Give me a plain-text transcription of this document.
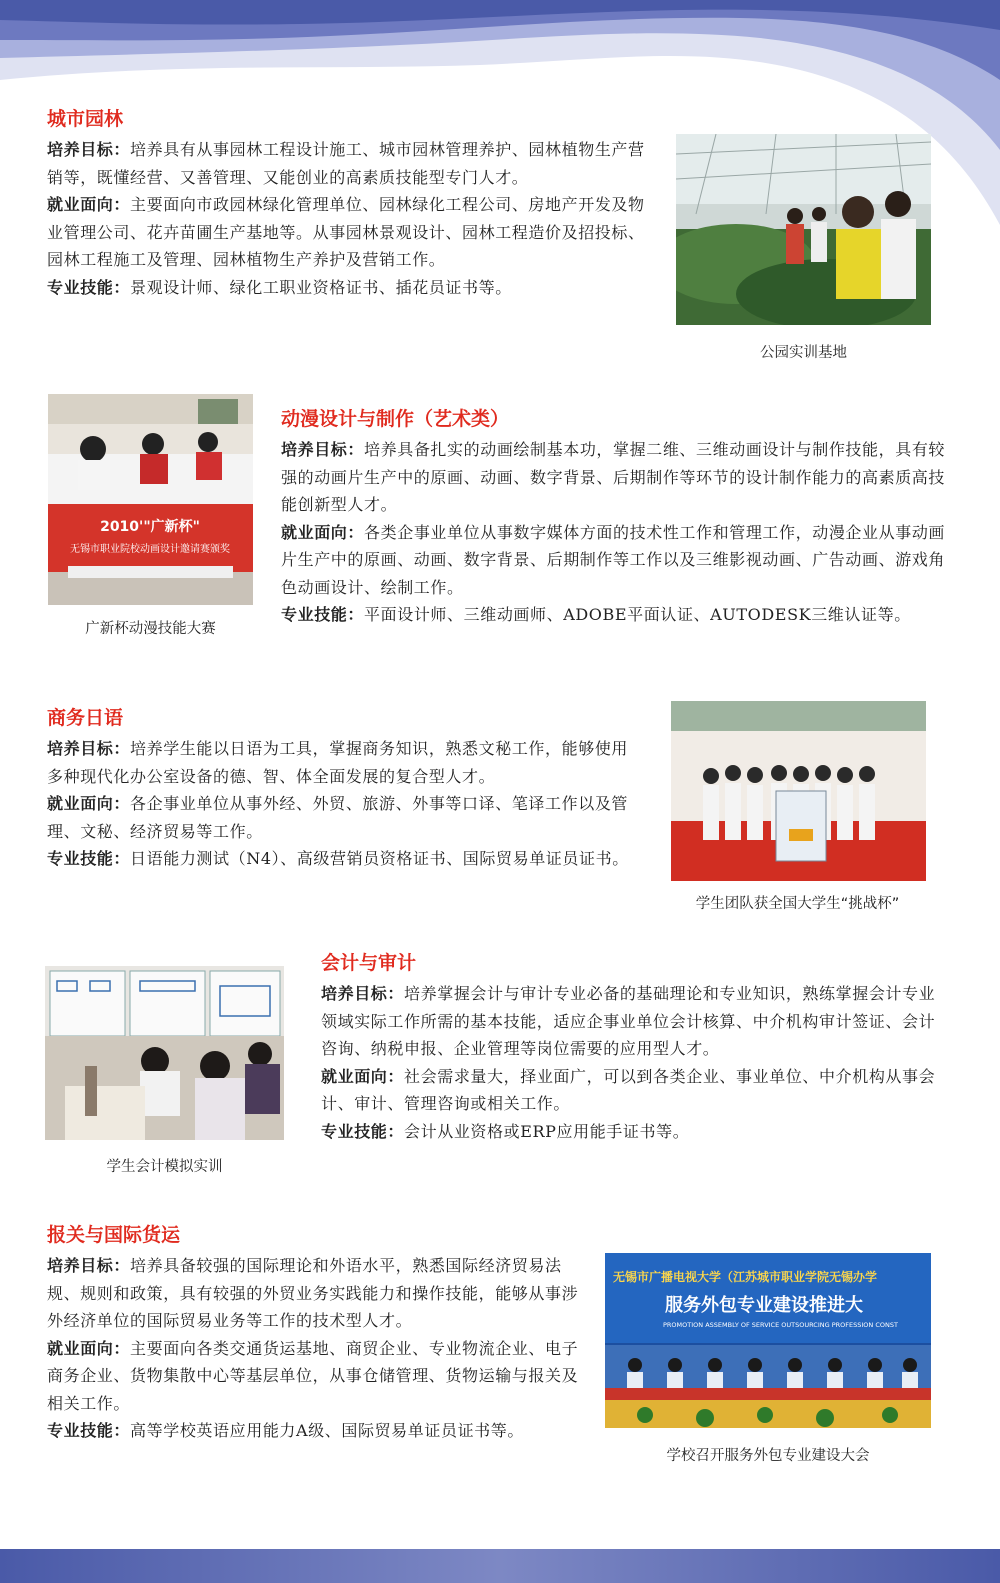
城市园林

培养目标：培养具有从事园林工程设计施工、城市园林管理养护、园林植物生产营销等，既懂经营、又善管理、又能创业的高素质技能型专门人才。

就业面向：主要面向市政园林绿化管理单位、园林绿化工程公司、房地产开发及物业管理公司、花卉苗圃生产基地等。从事园林景观设计、园林工程造价及招投标、园林工程施工及管理、园林植物生产养护及营销工作。

专业技能：景观设计师、绿化工职业资格证书、插花员证书等。

公园实训基地
2010'"广新杯"
无锡市职业院校动画设计邀请赛颁奖
广新杯动漫技能大赛
动漫设计与制作（艺术类）

培养目标：培养具备扎实的动画绘制基本功，掌握二维、三维动画设计与制作技能，具有较强的动画片生产中的原画、动画、数字背景、后期制作等环节的设计制作能力的高素质高技能创新型人才。

就业面向：各类企事业单位从事数字媒体方面的技术性工作和管理工作，动漫企业从事动画片生产中的原画、动画、数字背景、后期制作等工作以及三维影视动画、广告动画、游戏角色动画设计、绘制工作。

专业技能：平面设计师、三维动画师、ADOBE平面认证、AUTODESK三维认证等。

商务日语

培养目标：培养学生能以日语为工具，掌握商务知识，熟悉文秘工作，能够使用多种现代化办公室设备的德、智、体全面发展的复合型人才。

就业面向：各企事业单位从事外经、外贸、旅游、外事等口译、笔译工作以及管理、文秘、经济贸易等工作。

专业技能：日语能力测试（N4）、高级营销员资格证书、国际贸易单证员证书。

学生团队获全国大学生“挑战杯”
学生会计模拟实训
会计与审计

培养目标：培养掌握会计与审计专业必备的基础理论和专业知识，熟练掌握会计专业领域实际工作所需的基本技能，适应企事业单位会计核算、中介机构审计签证、会计咨询、纳税申报、企业管理等岗位需要的应用型人才。

就业面向：社会需求量大，择业面广，可以到各类企业、事业单位、中介机构从事会计、审计、管理咨询或相关工作。

专业技能：会计从业资格或ERP应用能手证书等。

报关与国际货运

培养目标：培养具备较强的国际理论和外语水平，熟悉国际经济贸易法规、规则和政策，具有较强的外贸业务实践能力和操作技能，能够从事涉外经济单位的国际贸易业务等工作的技术型人才。

就业面向：主要面向各类交通货运基地、商贸企业、专业物流企业、电子商务企业、货物集散中心等基层单位，从事仓储管理、货物运输与报关及相关工作。

专业技能：高等学校英语应用能力A级、国际贸易单证员证书等。

无锡市广播电视大学（江苏城市职业学院无锡办学
服务外包专业建设推进大
PROMOTION ASSEMBLY OF SERVICE OUTSOURCING PROFESSION CONST
学校召开服务外包专业建设大会
